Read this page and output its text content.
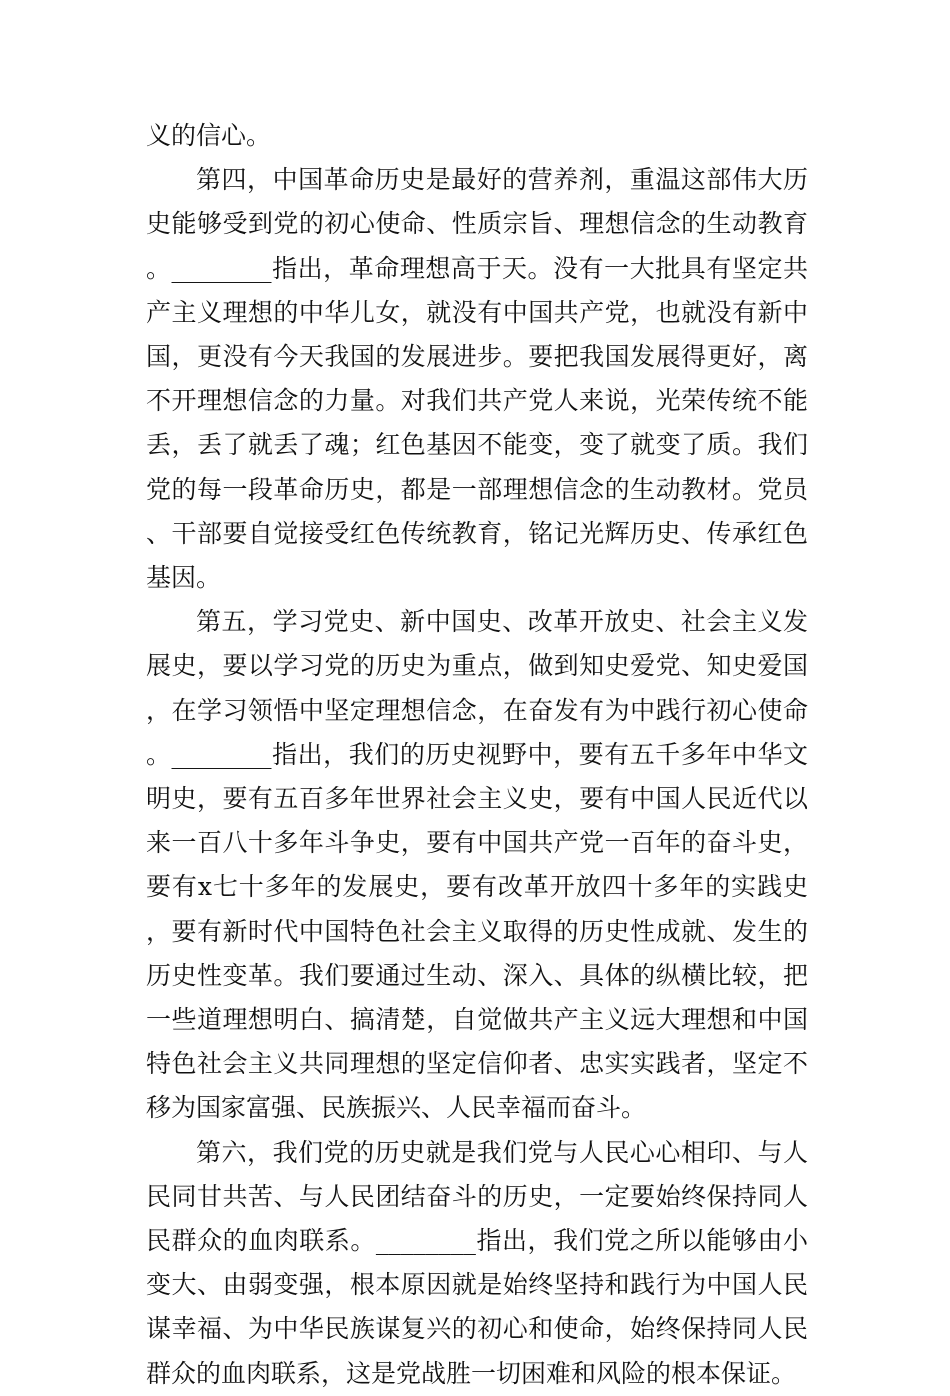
义的信心。

第四，中国革命历史是最好的营养剂，重温这部伟大历史能够受到党的初心使命、性质宗旨、理想信念的生动教育。________指出，革命理想高于天。没有一大批具有坚定共产主义理想的中华儿女，就没有中国共产党，也就没有新中国，更没有今天我国的发展进步。要把我国发展得更好，离不开理想信念的力量。对我们共产党人来说，光荣传统不能丢，丢了就丢了魂；红色基因不能变，变了就变了质。我们党的每一段革命历史，都是一部理想信念的生动教材。党员、干部要自觉接受红色传统教育，铭记光辉历史、传承红色基因。

第五，学习党史、新中国史、改革开放史、社会主义发展史，要以学习党的历史为重点，做到知史爱党、知史爱国，在学习领悟中坚定理想信念，在奋发有为中践行初心使命。________指出，我们的历史视野中，要有五千多年中华文明史，要有五百多年世界社会主义史，要有中国人民近代以来一百八十多年斗争史，要有中国共产党一百年的奋斗史，要有x七十多年的发展史，要有改革开放四十多年的实践史，要有新时代中国特色社会主义取得的历史性成就、发生的历史性变革。我们要通过生动、深入、具体的纵横比较，把一些道理想明白、搞清楚，自觉做共产主义远大理想和中国特色社会主义共同理想的坚定信仰者、忠实实践者，坚定不移为国家富强、民族振兴、人民幸福而奋斗。

第六，我们党的历史就是我们党与人民心心相印、与人民同甘共苦、与人民团结奋斗的历史，一定要始终保持同人民群众的血肉联系。________指出，我们党之所以能够由小变大、由弱变强，根本原因就是始终坚持和践行为中国人民谋幸福、为中华民族谋复兴的初心和使命，始终保持同人民群众的血肉联系，这是党战胜一切困难和风险的根本保证。
